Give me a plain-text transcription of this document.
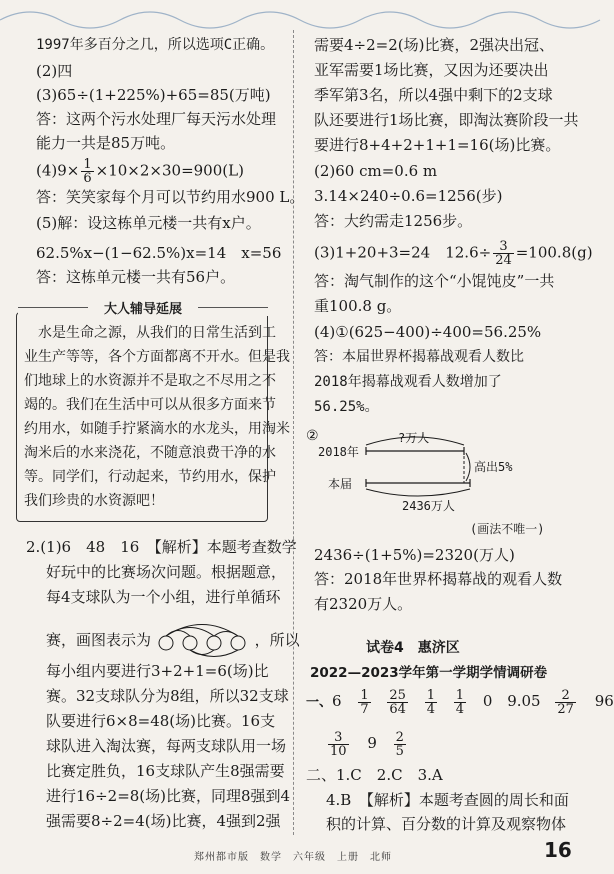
1997年多百分之几，所以选项C正确。
(2)四
(3)65÷(1+225%)+65=85(万吨)
答：这两个污水处理厂每天污水处理
能力一共是85万吨。
$(4)9\times \frac{1}{6} \times 10\times 2\times 30=900(L)$
答：笑笑家每个月可以节约用水900 L。
(5)解：设这栋单元楼一共有x户。
62.5%x−(1−62.5%)x=14　x=56
答：这栋单元楼一共有56户。
大人辅导延展
水是生命之源，从我们的日常生活到工
业生产等等，各个方面都离不开水。但是我
们地球上的水资源并不是取之不尽用之不
竭的。我们在生活中可以从很多方面来节
约用水，如随手拧紧滴水的水龙头，用淘米
淘米后的水来浇花，不随意浪费干净的水
等。同学们，行动起来，节约用水，保护
我们珍贵的水资源吧！
2.(1)6　48　16　【解析】本题考查数学
好玩中的比赛场次问题。根据题意，
每4支球队为一个小组，进行单循环
赛，画图表示为	，所以
每小组内要进行3+2+1=6(场)比
赛。32支球队分为8组，所以32支球
队要进行6×8=48(场)比赛。16支
球队进入淘汰赛，每两支球队用一场
比赛定胜负，16支球队产生8强需要
进行16÷2=8(场)比赛，同理8强到4
强需要8÷2=4(场)比赛，4强到2强
需要4÷2=2(场)比赛，2强决出冠、
亚军需要1场比赛，又因为还要决出
季军第3名，所以4强中剩下的2支球
队还要进行1场比赛，即淘汰赛阶段一共
要进行8+4+2+1+1=16(场)比赛。
(2)60 cm=0.6 m
3.14×240÷0.6=1256(步)
答：大约需走1256步。
(3)1+20+3=24　$12.6\div \frac{3}{24} =100.8(g)$
答：淘气制作的这个“小馄饨皮”一共
重100.8 g。
(4)①(625−400)÷400=56.25%
答：本届世界杯揭幕战观看人数比
2018年揭幕战观看人数增加了
56.25%。
②	?万人
2018年
本届
高出5%
2436万人
(画法不唯一)
2436÷(1+5%)=2320(万人)
答：2018年世界杯揭幕战的观看人数
有2320万人。
试卷4　惠济区
2022—2023学年第一学期学情调研卷
一、$6 \frac{1}{7}$
$\frac{25}{64}$
$\frac{1}{4}$
$\frac{1}{4} 0$ $9.05 \frac{2}{27} 96$
$\frac{3}{10} 9 \frac{2}{5}$
二、1.C　2.C　3.A
4.B　【解析】本题考查圆的周长和面
积的计算、百分数的计算及观察物体
16
郑州都市版　数学　六年级　上册　北师
